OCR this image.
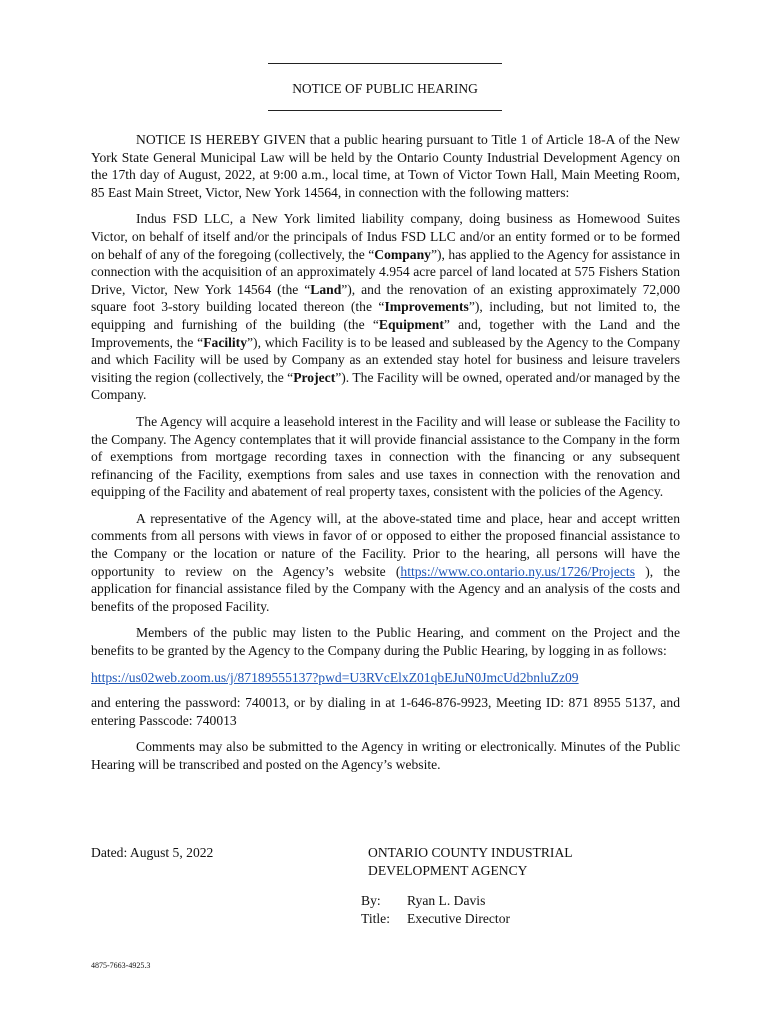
NOTICE OF PUBLIC HEARING

NOTICE IS HEREBY GIVEN that a public hearing pursuant to Title 1 of Article 18-A of the New York State General Municipal Law will be held by the Ontario County Industrial Development Agency on the 17th day of August, 2022, at 9:00 a.m., local time, at Town of Victor Town Hall, Main Meeting Room, 85 East Main Street, Victor, New York 14564, in connection with the following matters:

Indus FSD LLC, a New York limited liability company, doing business as Homewood Suites Victor, on behalf of itself and/or the principals of Indus FSD LLC and/or an entity formed or to be formed on behalf of any of the foregoing (collectively, the “Company”), has applied to the Agency for assistance in connection with the acquisition of an approximately 4.954 acre parcel of land located at 575 Fishers Station Drive, Victor, New York 14564 (the “Land”), and the renovation of an existing approximately 72,000 square foot 3-story building located thereon (the “Improvements”), including, but not limited to, the equipping and furnishing of the building (the “Equipment” and, together with the Land and the Improvements, the “Facility”), which Facility is to be leased and subleased by the Agency to the Company and which Facility will be used by Company as an extended stay hotel for business and leisure travelers visiting the region (collectively, the “Project”). The Facility will be owned, operated and/or managed by the Company.

The Agency will acquire a leasehold interest in the Facility and will lease or sublease the Facility to the Company. The Agency contemplates that it will provide financial assistance to the Company in the form of exemptions from mortgage recording taxes in connection with the financing or any subsequent refinancing of the Facility, exemptions from sales and use taxes in connection with the renovation and equipping of the Facility and abatement of real property taxes, consistent with the policies of the Agency.

A representative of the Agency will, at the above-stated time and place, hear and accept written comments from all persons with views in favor of or opposed to either the proposed financial assistance to the Company or the location or nature of the Facility. Prior to the hearing, all persons will have the opportunity to review on the Agency’s website (https://www.co.ontario.ny.us/1726/Projects ), the application for financial assistance filed by the Company with the Agency and an analysis of the costs and benefits of the proposed Facility.

Members of the public may listen to the Public Hearing, and comment on the Project and the benefits to be granted by the Agency to the Company during the Public Hearing, by logging in as follows:

https://us02web.zoom.us/j/87189555137?pwd=U3RVcElxZ01qbEJuN0JmcUd2bnluZz09

and entering the password: 740013, or by dialing in at 1-646-876-9923, Meeting ID: 871 8955 5137, and entering Passcode: 740013

Comments may also be submitted to the Agency in writing or electronically. Minutes of the Public Hearing will be transcribed and posted on the Agency’s website.

Dated: August 5, 2022	ONTARIO COUNTY INDUSTRIAL
DEVELOPMENT AGENCY
By:	Ryan L. Davis
Title:	Executive Director
4875-7663-4925.3
